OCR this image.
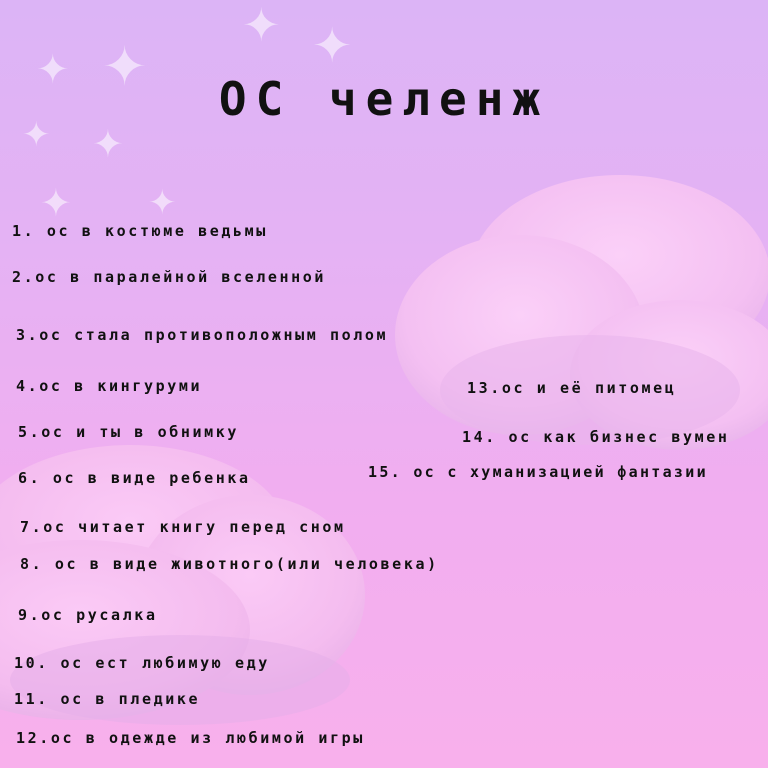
✦
✦
✦ ✦
✦ ✦
✦ ✦
ОС челенж
1. ос в костюме ведьмы
2.ос в паралейной вселенной
3.ос стала противоположным полом
4.ос в кингуруми
5.ос и ты в обнимку
6. ос в виде ребенка
7.ос читает книгу перед сном
8. ос в виде животного(или человека)
9.ос русалка
10. ос ест любимую еду
11. ос в пледике
12.ос в одежде из любимой игры
13.ос и её питомец
14. ос как бизнес вумен
15. ос с хуманизацией фантазии
